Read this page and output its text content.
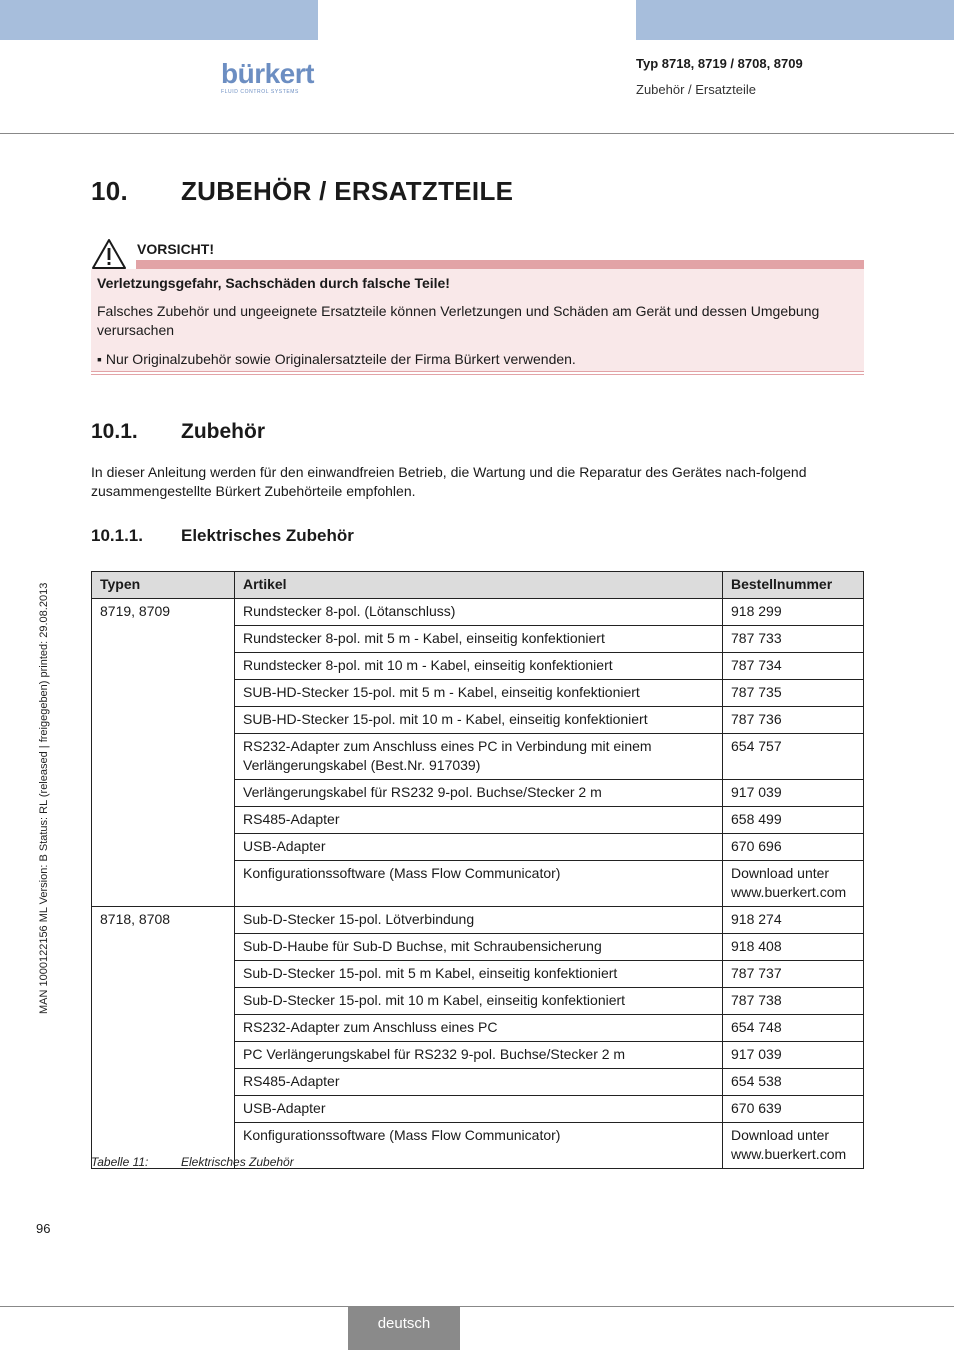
bürkert
FLUID CONTROL SYSTEMS
Typ 8718, 8719 / 8708, 8709
Zubehör / Ersatzteile
10. ZUBEHÖR / ERSATZTEILE
VORSICHT!

Verletzungsgefahr, Sachschäden durch falsche Teile!

Falsches Zubehör und ungeeignete Ersatzteile können Verletzungen und Schäden am Gerät und dessen Umgebung verursachen

▪ Nur Originalzubehör sowie Originalersatzteile der Firma Bürkert verwenden.

10.1. Zubehör

In dieser Anleitung werden für den einwandfreien Betrieb, die Wartung und die Reparatur des Gerätes nach-folgend zusammengestellte Bürkert Zubehörteile empfohlen.

10.1.1. Elektrisches Zubehör
Typen	Artikel	Bestellnummer
8719, 8709	Rundstecker 8-pol. (Lötanschluss)	918 299
	Rundstecker 8-pol. mit 5 m - Kabel, einseitig konfektioniert	787 733
	Rundstecker 8-pol. mit 10 m - Kabel, einseitig konfektioniert	787 734
	SUB-HD-Stecker 15-pol. mit 5 m - Kabel, einseitig konfektioniert	787 735
	SUB-HD-Stecker 15-pol. mit 10 m - Kabel, einseitig konfektioniert	787 736
	RS232-Adapter zum Anschluss eines PC in Verbindung mit einem Verlängerungskabel (Best.Nr. 917039)	654 757
	Verlängerungskabel für RS232 9-pol. Buchse/Stecker 2 m	917 039
	RS485-Adapter	658 499
	USB-Adapter	670 696
	Konfigurationssoftware (Mass Flow Communicator)	Download unter www.buerkert.com
8718, 8708	Sub-D-Stecker 15-pol. Lötverbindung	918 274
	Sub-D-Haube für Sub-D Buchse, mit Schraubensicherung	918 408
	Sub-D-Stecker 15-pol. mit 5 m Kabel, einseitig konfektioniert	787 737
	Sub-D-Stecker 15-pol. mit 10 m Kabel, einseitig konfektioniert	787 738
	RS232-Adapter zum Anschluss eines PC	654 748
	PC Verlängerungskabel für RS232 9-pol. Buchse/Stecker 2 m	917 039
	RS485-Adapter	654 538
	USB-Adapter	670 639
	Konfigurationssoftware (Mass Flow Communicator)	Download unter www.buerkert.com
Tabelle 11:	Elektrisches Zubehör
MAN 1000122156 ML Version: B Status: RL (released | freigegeben) printed: 29.08.2013
96
deutsch
